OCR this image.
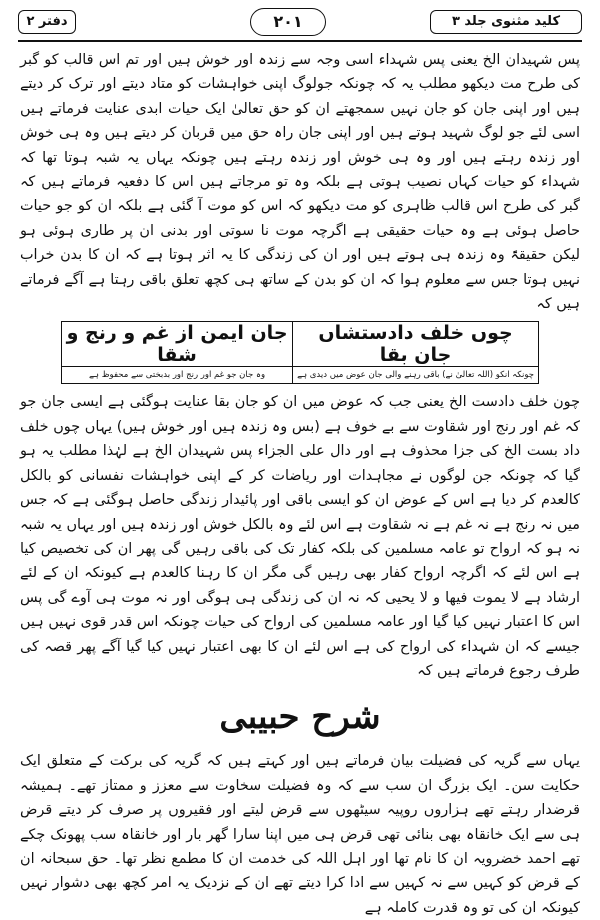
کلید مثنوی جلد ۳
۲۰۱
دفتر ۲

پس شہیدان الخ یعنی پس شہداء اسی وجہ سے زندہ اور خوش ہیں اور تم اس قالب کو گبر کی طرح مت دیکھو مطلب یہ کہ چونکہ جولوگ اپنی خواہشات کو متاد دیتے اور ترک کر دیتے ہیں اور اپنی جان کو جان نہیں سمجھتے ان کو حق تعالیٰ ایک حیات ابدی عنایت فرماتے ہیں اسی لئے جو لوگ شہید ہوتے ہیں اور اپنی جان راہ حق میں قربان کر دیتے ہیں وہ ہی خوش اور زندہ رہتے ہیں اور وہ ہی خوش اور زندہ رہتے ہیں چونکہ یہاں یہ شبہ ہوتا تھا کہ شہداء کو حیات کہاں نصیب ہوتی ہے بلکہ وہ تو مرجاتے ہیں اس کا دفعیہ فرماتے ہیں کہ گبر کی طرح اس قالب ظاہری کو مت دیکھو کہ اس کو موت آ گئی ہے بلکہ ان کو جو حیات حاصل ہوئی ہے وہ حیات حقیقی ہے اگرچہ موت نا سوتی اور بدنی ان پر طاری ہوئی ہو لیکن حقیقۃً وہ زندہ ہی ہوتے ہیں اور ان کی زندگی کا یہ اثر ہوتا ہے کہ ان کا بدن خراب نہیں ہوتا جس سے معلوم ہوا کہ ان کو بدن کے ساتھ ہی کچھ تعلق باقی رہتا ہے آگے فرماتے ہیں کہ

چوں خلف دادستشاں جان بقا	جان ایمن از غم و رنج و شقا
چونکہ انکو (اللہ تعالیٰ نے) باقی رہنے والی جان عوض میں دیدی ہے	وہ جان جو غم اور رنج اور بدبختی سے محفوظ ہے

چون خلف دادست الخ یعنی جب کہ عوض میں ان کو جان بقا عنایت ہوگئی ہے ایسی جان جو کہ غم اور رنج اور شقاوت سے بے خوف ہے (بس وہ زندہ ہیں اور خوش ہیں) یہاں چوں خلف داد بست الخ کی جزا محذوف ہے اور دال علی الجزاء پس شہیدان الخ ہے لہٰذا مطلب یہ ہو گیا کہ چونکہ جن لوگوں نے مجاہدات اور ریاضات کر کے اپنی خواہشات نفسانی کو بالکل کالعدم کر دیا ہے اس کے عوض ان کو ایسی باقی اور پائیدار زندگی حاصل ہوگئی ہے کہ جس میں نہ رنج ہے نہ غم ہے نہ شقاوت ہے اس لئے وہ بالکل خوش اور زندہ ہیں اور یہاں یہ شبہ نہ ہو کہ ارواح تو عامہ مسلمین کی بلکہ کفار تک کی باقی رہیں گی پھر ان کی تخصیص کیا ہے اس لئے کہ اگرچہ ارواح کفار بھی رہیں گی مگر ان کا رہنا کالعدم ہے کیونکہ ان کے لئے ارشاد ہے لا یموت فیھا و لا یحیی کہ نہ ان کی زندگی ہی ہوگی اور نہ موت ہی آوے گی پس اس کا اعتبار نہیں کیا گیا اور عامہ مسلمین کی ارواح کی حیات چونکہ اس قدر قوی نہیں ہیں جیسے کہ ان شہداء کی ارواح کی ہے اس لئے ان کا بھی اعتبار نہیں کیا گیا آگے پھر قصہ کی طرف رجوع فرماتے ہیں کہ

شرح حبیبی

یہاں سے گریہ کی فضیلت بیان فرماتے ہیں اور کہتے ہیں کہ گریہ کی برکت کے متعلق ایک حکایت سن۔ ایک بزرگ ان سب سے کہ وہ فضیلت سخاوت سے معزز و ممتاز تھے۔ ہمیشہ قرضدار رہتے تھے ہزاروں روپیہ سیٹھوں سے قرض لیتے اور فقیروں پر صرف کر دیتے قرض ہی سے ایک خانقاہ بھی بنائی تھی قرض ہی میں اپنا سارا گھر بار اور خانقاہ سب پھونک چکے تھے احمد خضرویہ ان کا نام تھا اور اہل اللہ کی خدمت ان کا مطمع نظر تھا۔ حق سبحانہ ان کے قرض کو کہیں سے نہ کہیں سے ادا کرا دیتے تھے ان کے نزدیک یہ امر کچھ بھی دشوار نہیں کیونکہ ان کی تو وہ قدرت کاملہ ہے
